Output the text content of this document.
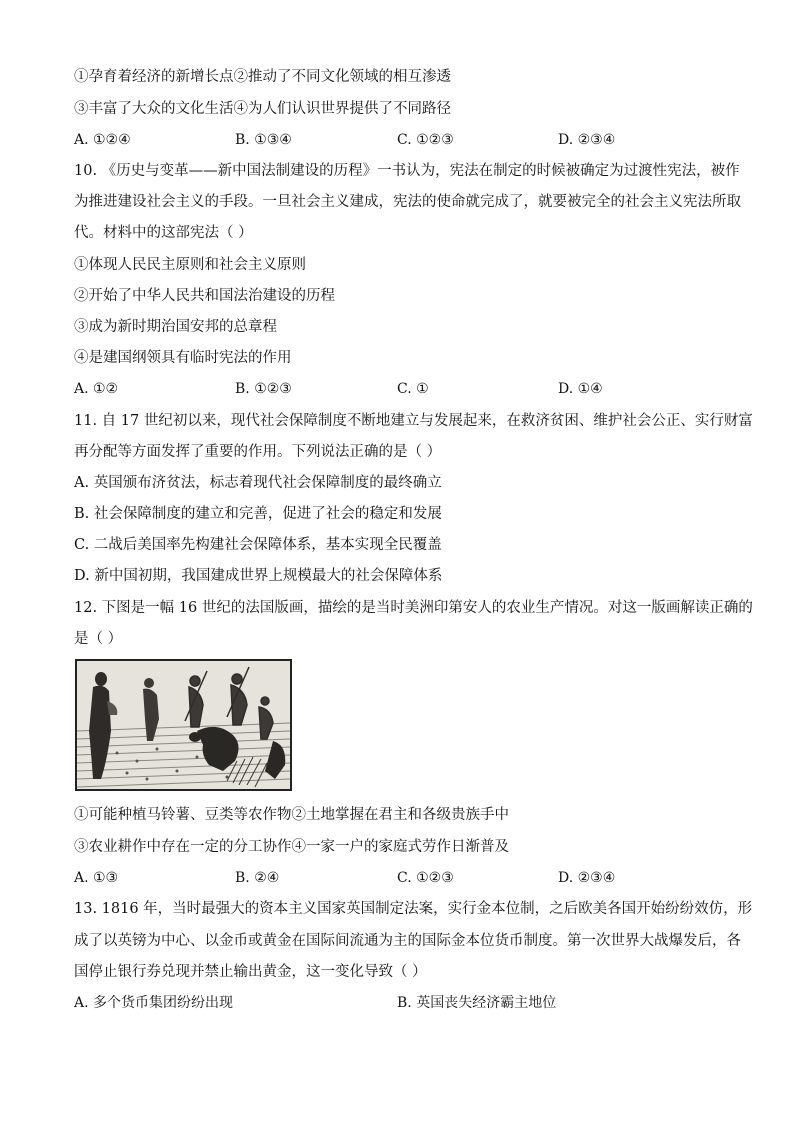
①孕育着经济的新增长点②推动了不同文化领域的相互渗透
③丰富了大众的文化生活④为人们认识世界提供了不同路径
A. ①②④	B. ①③④	C. ①②③	D. ②③④
10. 《历史与变革——新中国法制建设的历程》一书认为，宪法在制定的时候被确定为过渡性宪法，被作
为推进建设社会主义的手段。一旦社会主义建成，宪法的使命就完成了，就要被完全的社会主义宪法所取
代。材料中的这部宪法（ ）
①体现人民民主原则和社会主义原则
②开始了中华人民共和国法治建设的历程
③成为新时期治国安邦的总章程
④是建国纲领具有临时宪法的作用
A. ①②	B. ①②③	C. ①	D. ①④
11. 自 17 世纪初以来，现代社会保障制度不断地建立与发展起来，在救济贫困、维护社会公正、实行财富
再分配等方面发挥了重要的作用。下列说法正确的是（ ）
A. 英国颁布济贫法，标志着现代社会保障制度的最终确立
B. 社会保障制度的建立和完善，促进了社会的稳定和发展
C. 二战后美国率先构建社会保障体系，基本实现全民覆盖
D. 新中国初期，我国建成世界上规模最大的社会保障体系
12. 下图是一幅 16 世纪的法国版画，描绘的是当时美洲印第安人的农业生产情况。对这一版画解读正确的
是（ ）
①可能种植马铃薯、豆类等农作物②土地掌握在君主和各级贵族手中
③农业耕作中存在一定的分工协作④一家一户的家庭式劳作日渐普及
A. ①③	B. ②④	C. ①②③	D. ②③④
13. 1816 年，当时最强大的资本主义国家英国制定法案，实行金本位制，之后欧美各国开始纷纷效仿，形
成了以英镑为中心、以金币或黄金在国际间流通为主的国际金本位货币制度。第一次世界大战爆发后，各
国停止银行券兑现并禁止输出黄金，这一变化导致（ ）
A. 多个货币集团纷纷出现	B. 英国丧失经济霸主地位
